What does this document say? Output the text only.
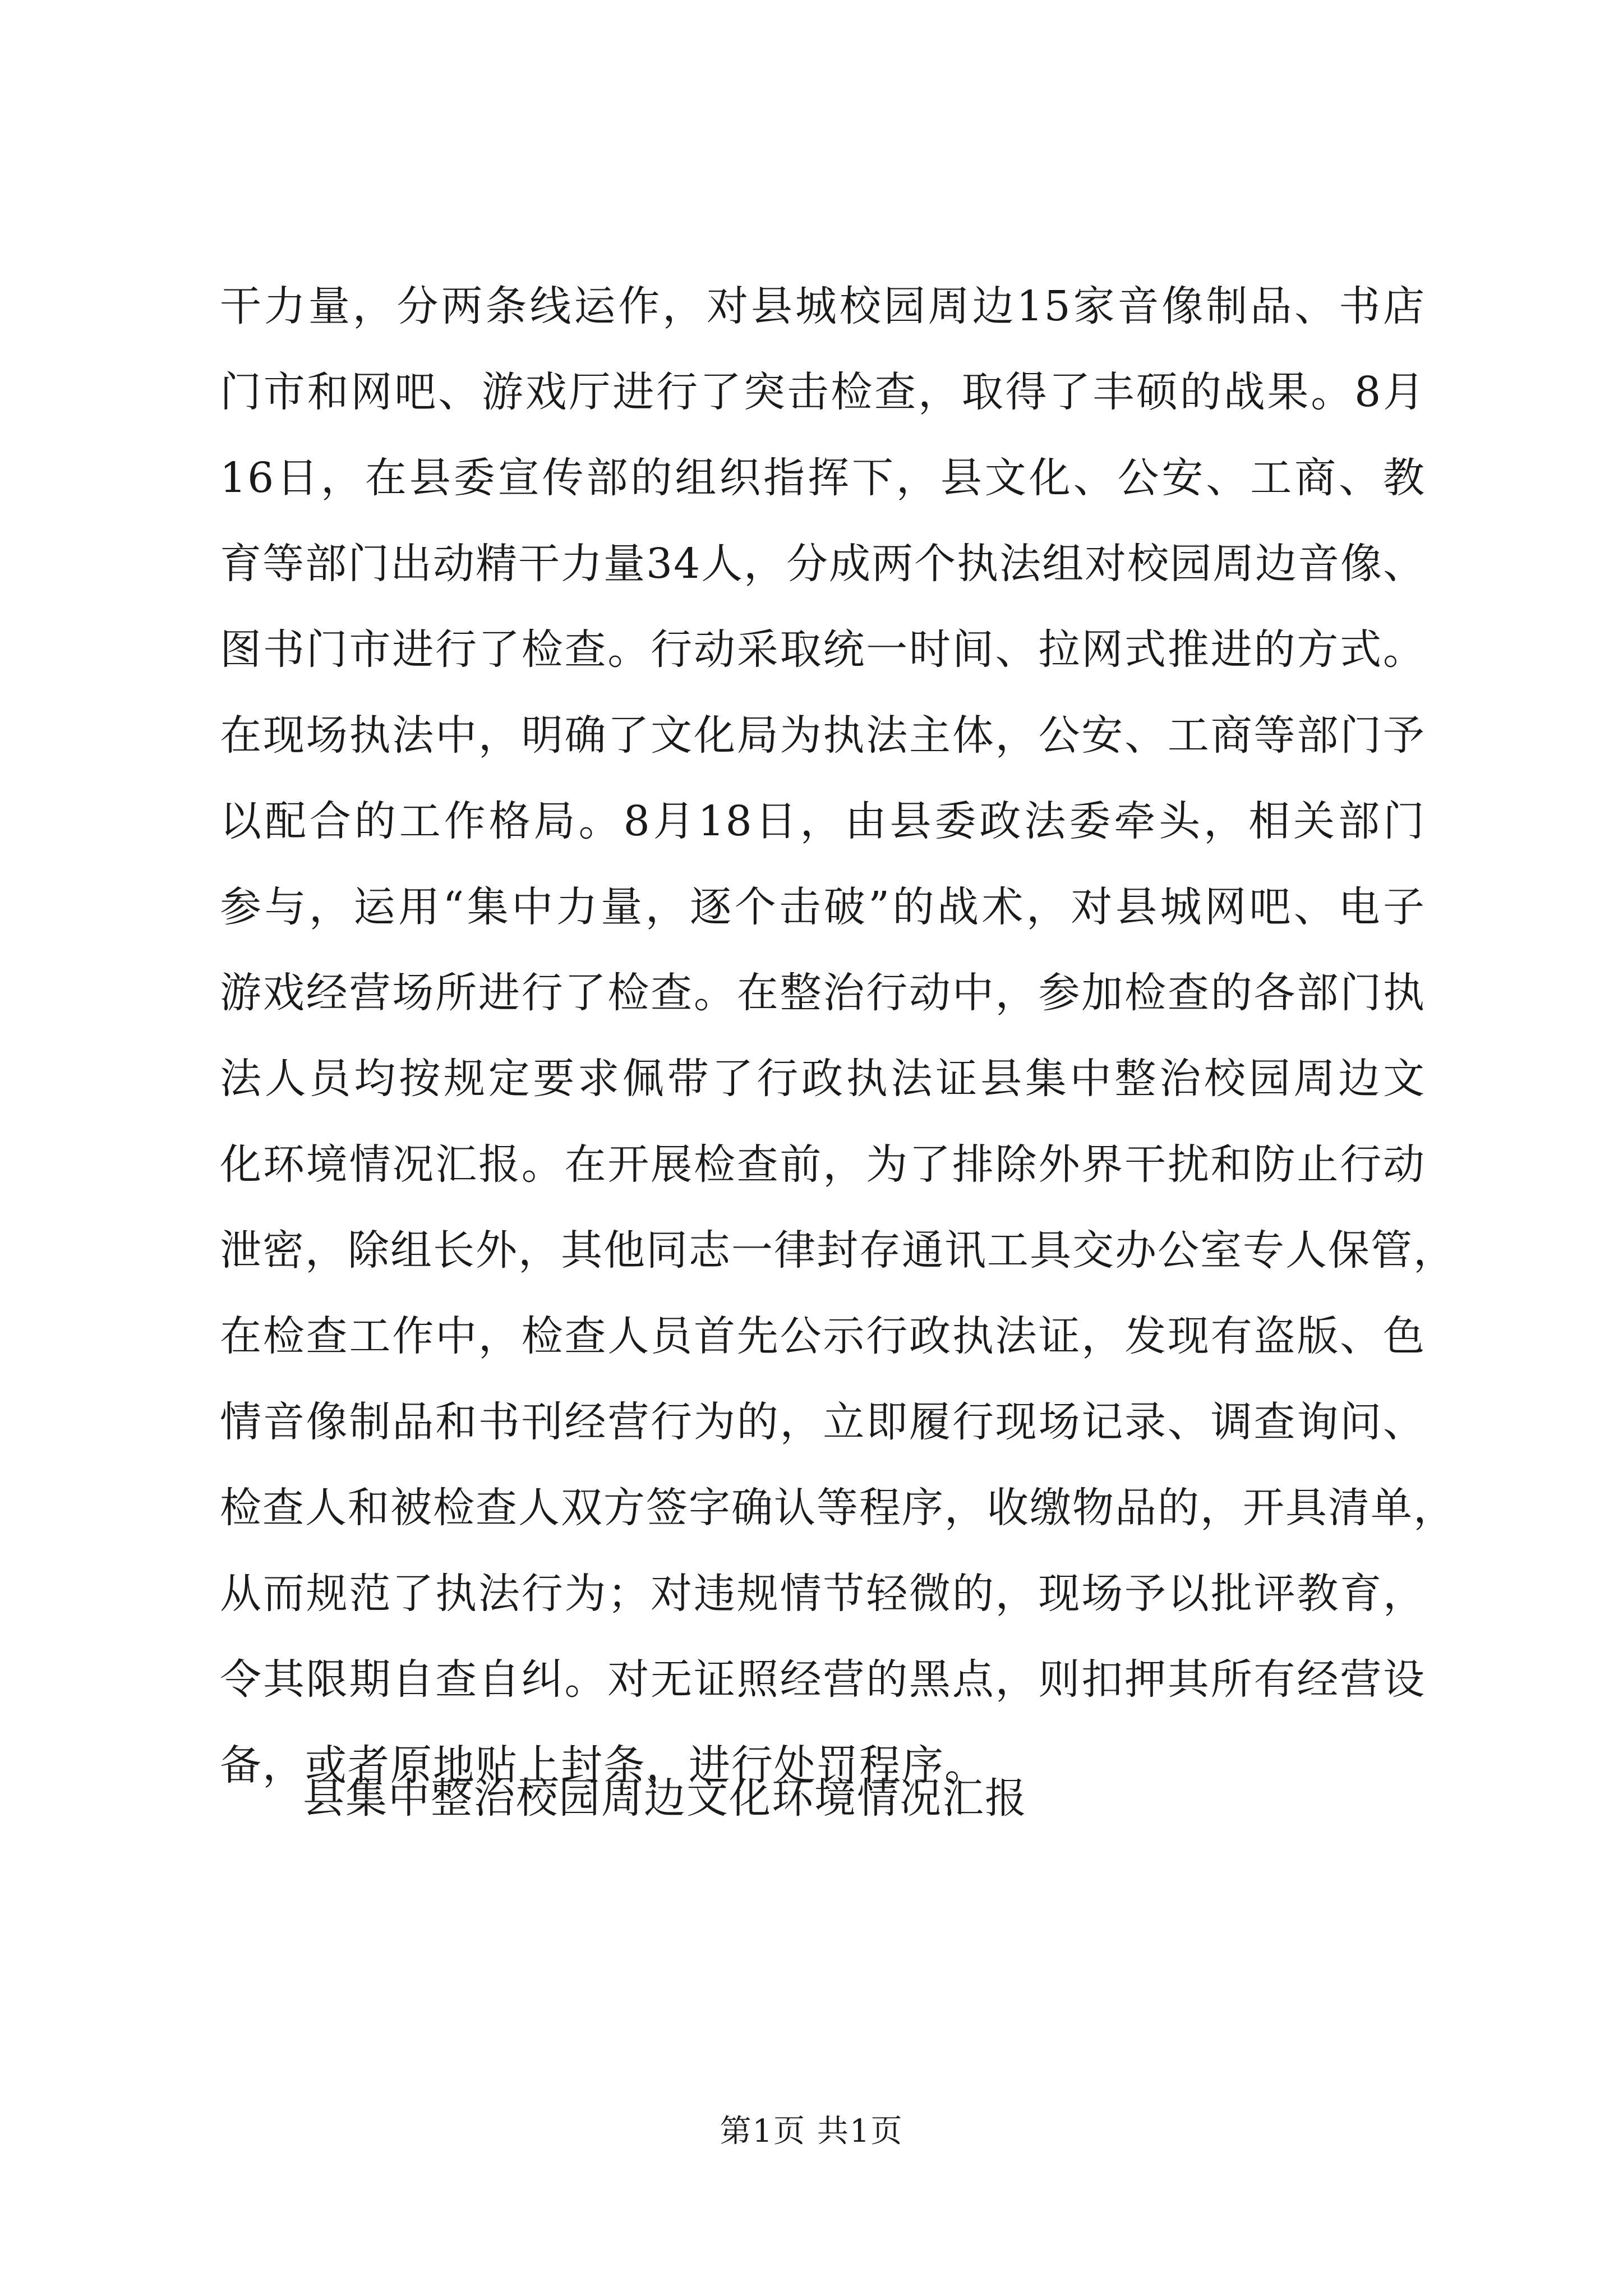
干力量，分两条线运作，对县城校园周边15家音像制品、书店
门市和网吧、游戏厅进行了突击检查，取得了丰硕的战果。8月
16日，在县委宣传部的组织指挥下，县文化、公安、工商、教
育等部门出动精干力量34人，分成两个执法组对校园周边音像、
图书门市进行了检查。行动采取统一时间、拉网式推进的方式。
在现场执法中，明确了文化局为执法主体，公安、工商等部门予
以配合的工作格局。8月18日，由县委政法委牵头，相关部门
参与，运用“集中力量，逐个击破”的战术，对县城网吧、电子
游戏经营场所进行了检查。在整治行动中，参加检查的各部门执
法人员均按规定要求佩带了行政执法证县集中整治校园周边文
化环境情况汇报。在开展检查前，为了排除外界干扰和防止行动
泄密，除组长外，其他同志一律封存通讯工具交办公室专人保管，
在检查工作中，检查人员首先公示行政执法证，发现有盗版、色
情音像制品和书刊经营行为的，立即履行现场记录、调查询问、
检查人和被检查人双方签字确认等程序，收缴物品的，开具清单，
从而规范了执法行为；对违规情节轻微的，现场予以批评教育，
令其限期自查自纠。对无证照经营的黑点，则扣押其所有经营设
备，或者原地贴上封条，进行处罚程序。
县集中整治校园周边文化环境情况汇报
第1页 共1页
